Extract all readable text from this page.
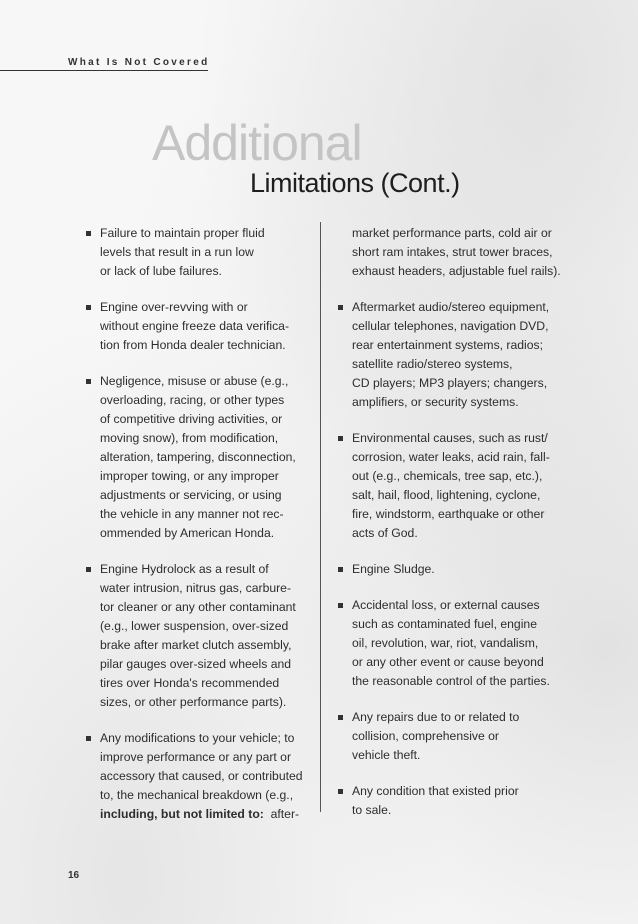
What Is Not Covered
Additional
Limitations (Cont.)
Failure to maintain proper fluid
levels that result in a run low
or lack of lube failures.
Engine over-revving with or
without engine freeze data verifica-
tion from Honda dealer technician.
Negligence, misuse or abuse (e.g.,
overloading, racing, or other types
of competitive driving activities, or
moving snow), from modification,
alteration, tampering, disconnection,
improper towing, or any improper
adjustments or servicing, or using
the vehicle in any manner not rec-
ommended by American Honda.
Engine Hydrolock as a result of
water intrusion, nitrus gas, carbure-
tor cleaner or any other contaminant
(e.g., lower suspension, over-sized
brake after market clutch assembly,
pilar gauges over-sized wheels and
tires over Honda's recommended
sizes, or other performance parts).
Any modifications to your vehicle; to
improve performance or any part or
accessory that caused, or contributed
to, the mechanical breakdown (e.g.,
including, but not limited to: after-
market performance parts, cold air or
short ram intakes, strut tower braces,
exhaust headers, adjustable fuel rails).
Aftermarket audio/stereo equipment,
cellular telephones, navigation DVD,
rear entertainment systems, radios;
satellite radio/stereo systems,
CD players; MP3 players; changers,
amplifiers, or security systems.
Environmental causes, such as rust/
corrosion, water leaks, acid rain, fall-
out (e.g., chemicals, tree sap, etc.),
salt, hail, flood, lightening, cyclone,
fire, windstorm, earthquake or other
acts of God.
Engine Sludge.
Accidental loss, or external causes
such as contaminated fuel, engine
oil, revolution, war, riot, vandalism,
or any other event or cause beyond
the reasonable control of the parties.
Any repairs due to or related to
collision, comprehensive or
vehicle theft.
Any condition that existed prior
to sale.
16
